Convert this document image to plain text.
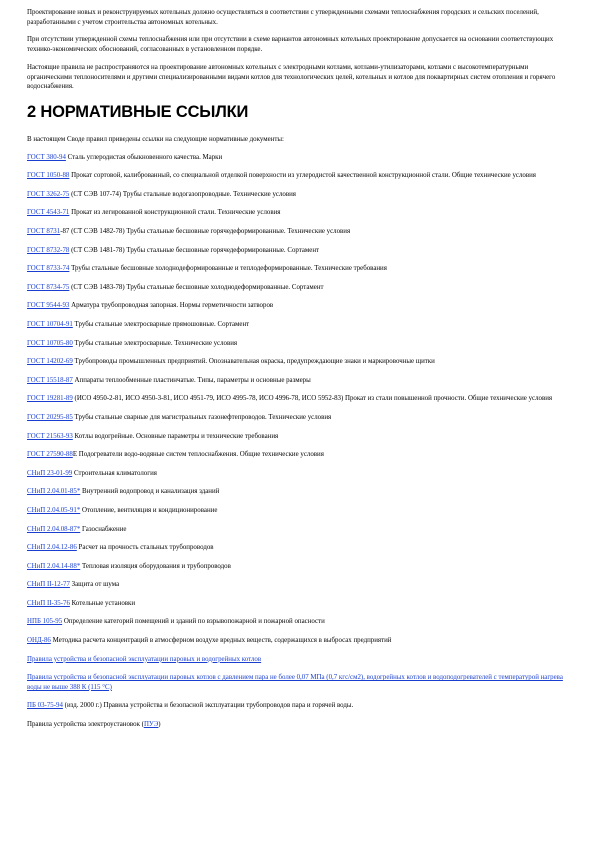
Проектирование новых и реконструируемых котельных должно осуществляться в соответствии с утвержденными схемами теплоснабжения городских и сельских поселений, разработанными с учетом строительства автономных котельных.

При отсутствии утвержденной схемы теплоснабжения или при отсутствии в схеме вариантов автономных котельных проектирование допускается на основании соответствующих технико-экономических обоснований, согласованных в установленном порядке.

Настоящие правила не распространяются на проектирование автономных котельных с электродными котлами, котлами-утилизаторами, котлами с высокотемпературными органическими теплоносителями и другими специализированными видами котлов для технологических целей, котельных и котлов для поквартирных систем отопления и горячего водоснабжения.

2 НОРМАТИВНЫЕ ССЫЛКИ

В настоящем Своде правил приведены ссылки на следующие нормативные документы:

ГОСТ 380-94 Сталь углеродистая обыкновенного качества. Марки

ГОСТ 1050-88 Прокат сортовой, калиброванный, со специальной отделкой поверхности из углеродистой качественной конструкционной стали. Общие технические условия

ГОСТ 3262-75 (СТ СЭВ 107-74) Трубы стальные водогазопроводные. Технические условия

ГОСТ 4543-71 Прокат из легированной конструкционной стали. Технические условия

ГОСТ 8731-87 (СТ СЭВ 1482-78) Трубы стальные бесшовные горячедеформированные. Технические условия

ГОСТ 8732-78 (СТ СЭВ 1481-78) Трубы стальные бесшовные горячедеформированные. Сортамент

ГОСТ 8733-74 Трубы стальные бесшовные холоднодеформированные и теплодеформированные. Технические требования

ГОСТ 8734-75 (СТ СЭВ 1483-78) Трубы стальные бесшовные холоднодеформированные. Сортамент

ГОСТ 9544-93 Арматура трубопроводная запорная. Нормы герметичности затворов

ГОСТ 10704-91 Трубы стальные электросварные прямошовные. Сортамент

ГОСТ 10705-80 Трубы стальные электросварные. Технические условия

ГОСТ 14202-69 Трубопроводы промышленных предприятий. Опознавательная окраска, предупреждающие знаки и маркировочные щитки

ГОСТ 15518-87 Аппараты теплообменные пластинчатые. Типы, параметры и основные размеры

ГОСТ 19281-89 (ИСО 4950-2-81, ИСО 4950-3-81, ИСО 4951-79, ИСО 4995-78, ИСО 4996-78, ИСО 5952-83) Прокат из стали повышенной прочности. Общие технические условия

ГОСТ 20295-85 Трубы стальные сварные для магистральных газонефтепроводов. Технические условия

ГОСТ 21563-93 Котлы водогрейные. Основные параметры и технические требования

ГОСТ 27590-88Е Подогреватели водо-водяные систем теплоснабжения. Общие технические условия

СНиП 23-01-99 Строительная климатология

СНиП 2.04.01-85* Внутренний водопровод и канализация зданий

СНиП 2.04.05-91* Отопление, вентиляция и кондиционирование

СНиП 2.04.08-87* Газоснабжение

СНиП 2.04.12-86 Расчет на прочность стальных трубопроводов

СНиП 2.04.14-88* Тепловая изоляция оборудования и трубопроводов

СНиП II-12-77 Защита от шума

СНиП II-35-76 Котельные установки

НПБ 105-95 Определение категорий помещений и зданий по взрывопожарной и пожарной опасности

ОНД-86 Методика расчета концентраций в атмосферном воздухе вредных веществ, содержащихся в выбросах предприятий

Правила устройства и безопасной эксплуатации паровых и водогрейных котлов

Правила устройства и безопасной эксплуатации паровых котлов с давлением пара не более 0,07 МПа (0,7 кгс/см2), водогрейных котлов и водоподогревателей с температурой нагрева воды не выше 388 К (115 °С)

ПБ 03-75-94 (изд. 2000 г.) Правила устройства и безопасной эксплуатации трубопроводов пара и горячей воды.

Правила устройства электроустановок (ПУЭ)
